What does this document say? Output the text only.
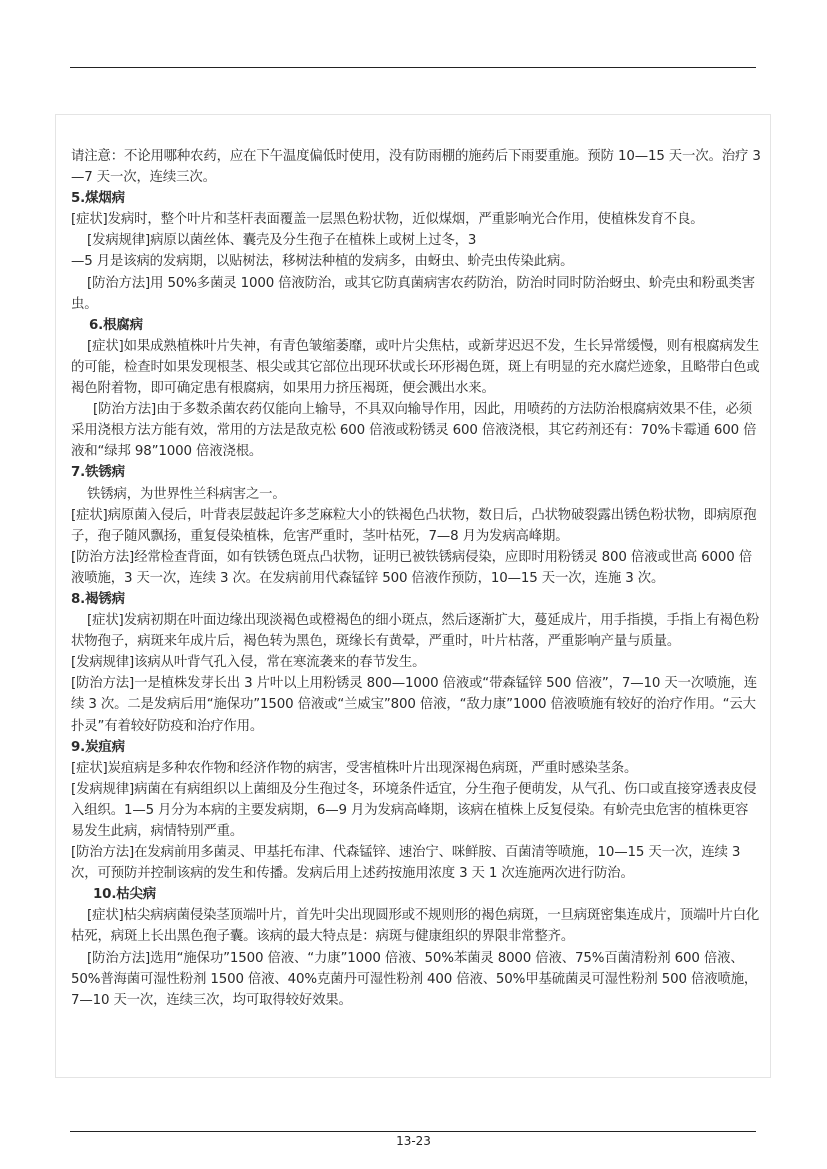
请注意：不论用哪种农药，应在下午温度偏低时使用，没有防雨棚的施药后下雨要重施。预防 10—15 天一次。治疗 3—7 天一次，连续三次。

5.煤烟病

[症状]发病时，整个叶片和茎杆表面覆盖一层黑色粉状物，近似煤烟，严重影响光合作用，使植株发育不良。

[发病规律]病原以菌丝体、囊壳及分生孢子在植株上或树上过冬，3

—5 月是该病的发病期，以贴树法，移树法种植的发病多，由蚜虫、蚧壳虫传染此病。

[防治方法]用 50%多菌灵 1000 倍液防治，或其它防真菌病害农药防治，防治时同时防治蚜虫、蚧壳虫和粉虱类害虫。

6.根腐病

[症状]如果成熟植株叶片失神，有青色皱缩萎靡，或叶片尖焦枯，或新芽迟迟不发，生长异常缓慢，则有根腐病发生的可能，检查时如果发现根茎、根尖或其它部位出现环状或长环形褐色斑，斑上有明显的充水腐烂迹象，且略带白色或褐色附着物，即可确定患有根腐病，如果用力挤压褐斑，便会溅出水来。

[防治方法]由于多数杀菌农药仅能向上输导，不具双向输导作用，因此，用喷药的方法防治根腐病效果不佳，必须采用浇根方法方能有效，常用的方法是敌克松 600 倍液或粉锈灵 600 倍液浇根，其它药剂还有：70%卡霉通 600 倍液和“绿邦 98”1000 倍液浇根。

7.铁锈病

铁锈病，为世界性兰科病害之一。

[症状]病原菌入侵后，叶背表层鼓起许多芝麻粒大小的铁褐色凸状物，数日后，凸状物破裂露出锈色粉状物，即病原孢子，孢子随风飘扬，重复侵染植株，危害严重时，茎叶枯死，7—8 月为发病高峰期。

[防治方法]经常检查背面，如有铁锈色斑点凸状物，证明已被铁锈病侵染，应即时用粉锈灵 800 倍液或世高 6000 倍液喷施，3 天一次，连续 3 次。在发病前用代森锰锌 500 倍液作预防，10—15 天一次，连施 3 次。

8.褐锈病

[症状]发病初期在叶面边缘出现淡褐色或橙褐色的细小斑点，然后逐渐扩大，蔓延成片，用手指摸，手指上有褐色粉状物孢子，病斑来年成片后，褐色转为黑色，斑缘长有黄晕，严重时，叶片枯落，严重影响产量与质量。

[发病规律]该病从叶背气孔入侵，常在寒流袭来的春节发生。

[防治方法]一是植株发芽长出 3 片叶以上用粉锈灵 800—1000 倍液或“带森锰锌 500 倍液”，7—10 天一次喷施，连续 3 次。二是发病后用“施保功”1500 倍液或“兰威宝”800 倍液，“敌力康”1000 倍液喷施有较好的治疗作用。“云大扑灵”有着较好防疫和治疗作用。

9.炭疽病

[症状]炭疽病是多种农作物和经济作物的病害，受害植株叶片出现深褐色病斑，严重时感染茎条。

[发病规律]病菌在有病组织以上菌细及分生孢过冬，环境条件适宜，分生孢子便萌发，从气孔、伤口或直接穿透表皮侵入组织。1—5 月分为本病的主要发病期，6—9 月为发病高峰期，该病在植株上反复侵染。有蚧壳虫危害的植株更容易发生此病，病情特别严重。

[防治方法]在发病前用多菌灵、甲基托布津、代森锰锌、速治宁、咪鲜胺、百菌清等喷施，10—15 天一次，连续 3 次，可预防并控制该病的发生和传播。发病后用上述药按施用浓度 3 天 1 次连施两次进行防治。

10.枯尖病

[症状]枯尖病病菌侵染茎顶端叶片，首先叶尖出现圆形或不规则形的褐色病斑，一旦病斑密集连成片，顶端叶片白化枯死，病斑上长出黑色孢子囊。该病的最大特点是：病斑与健康组织的界限非常整齐。

[防治方法]选用“施保功”1500 倍液、“力康”1000 倍液、50%苯菌灵 8000 倍液、75%百菌清粉剂 600 倍液、50%普海菌可湿性粉剂 1500 倍液、40%克菌丹可湿性粉剂 400 倍液、50%甲基硫菌灵可湿性粉剂 500 倍液喷施，7—10 天一次，连续三次，均可取得较好效果。

13-23
